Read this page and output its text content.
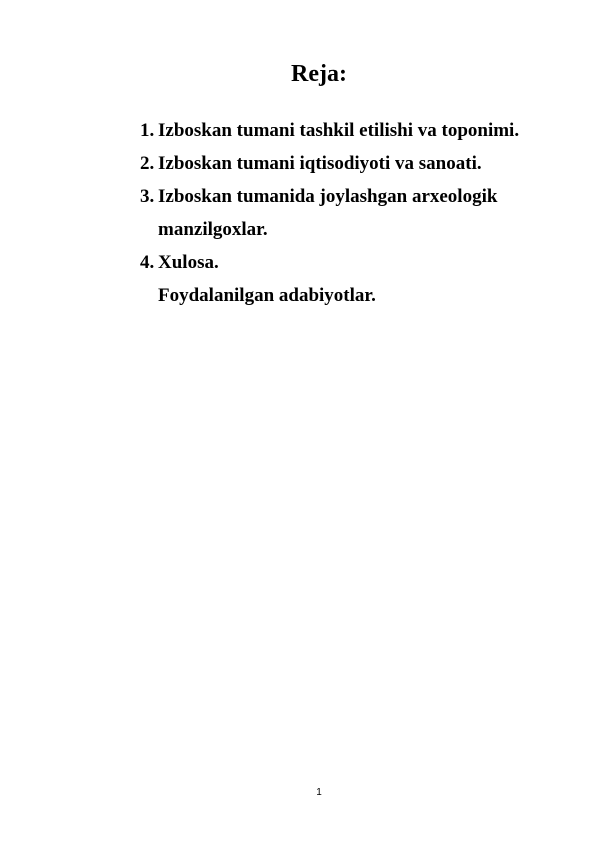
Reja:
1. Izboskan tumani tashkil etilishi va toponimi.
2. Izboskan tumani iqtisodiyoti va sanoati.
3. Izboskan tumanida joylashgan arxeologik manzilgoxlar.
4. Xulosa.
Foydalanilgan adabiyotlar.
1
